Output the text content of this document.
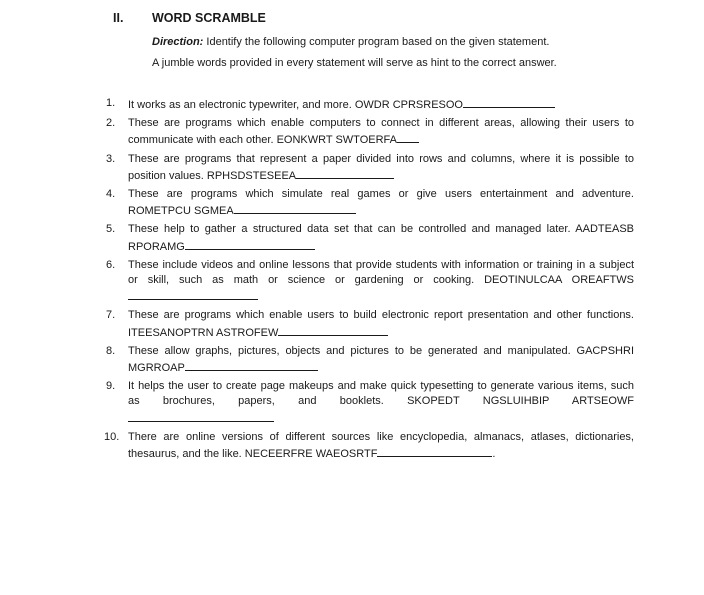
II. WORD SCRAMBLE
Direction: Identify the following computer program based on the given statement.
A jumble words provided in every statement will serve as hint to the correct answer.
1.	It works as an electronic typewriter, and more. OWDR CPRSRESOO
2.	These are programs which enable computers to connect in different areas, allowing their users to communicate with each other. EONKWRT SWTOERFA
3.	These are programs that represent a paper divided into rows and columns, where it is possible to position values. RPHSDSTESEEA
4.	These are programs which simulate real games or give users entertainment and adventure. ROMETPCU SGMEA
5.	These help to gather a structured data set that can be controlled and managed later. AADTEASB RPORAMG
6.	These include videos and online lessons that provide students with information or training in a subject or skill, such as math or science or gardening or cooking. DEOTINULCAA OREAFTWS
7.	These are programs which enable users to build electronic report presentation and other functions. ITEESANOPTRN ASTROFEW
8.	These allow graphs, pictures, objects and pictures to be generated and manipulated. GACPSHRI MGRROAP
9.	It helps the user to create page makeups and make quick typesetting to generate various items, such as brochures, papers, and booklets. SKOPEDT NGSLUIHBIP ARTSEOWF
10. There are online versions of different sources like encyclopedia, almanacs, atlases, dictionaries, thesaurus, and the like. NECEERFRE WAEOSRTF	.
